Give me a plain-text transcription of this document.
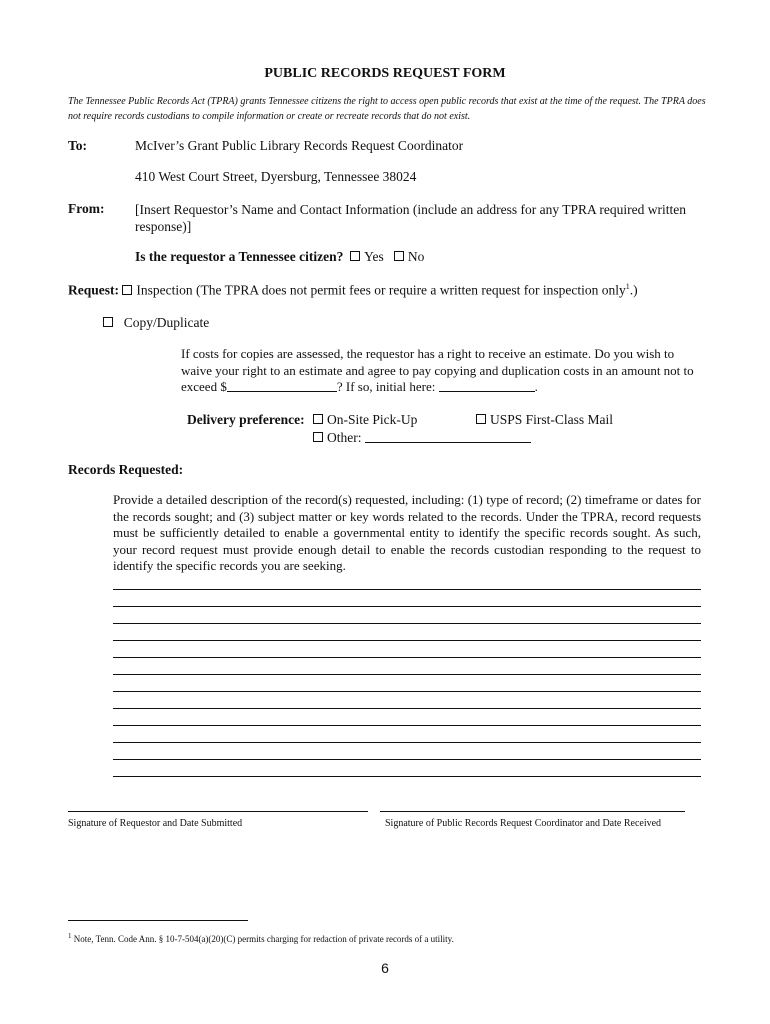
PUBLIC RECORDS REQUEST FORM
The Tennessee Public Records Act (TPRA) grants Tennessee citizens the right to access open public records that exist at the time of the request. The TPRA does not require records custodians to compile information or create or recreate records that do not exist.
To:	McIver’s Grant Public Library Records Request Coordinator
410 West Court Street, Dyersburg, Tennessee 38024
From: [Insert Requestor’s Name and Contact Information (include an address for any TPRA required written response)]
Is the requestor a Tennessee citizen? Yes No
Request: Inspection (The TPRA does not permit fees or require a written request for inspection only$^1$.)
Copy/Duplicate
If costs for copies are assessed, the requestor has a right to receive an estimate. Do you wish to waive your right to an estimate and agree to pay copying and duplication costs in an amount not to exceed $	? If so, initial here:	.
Delivery preference:	On-Site Pick-Up	USPS First-Class Mail
Other:
Records Requested:
Provide a detailed description of the record(s) requested, including: (1) type of record; (2) timeframe or dates for the records sought; and (3) subject matter or key words related to the records. Under the TPRA, record requests must be sufficiently detailed to enable a governmental entity to identify the specific records sought. As such, your record request must provide enough detail to enable the records custodian responding to the request to identify the specific records you are seeking.
Signature of Requestor and Date Submitted	Signature of Public Records Request Coordinator and Date Received
$^1$ Note, Tenn. Code Ann. § 10-7-504(a)(20)(C) permits charging for redaction of private records of a utility.
6
